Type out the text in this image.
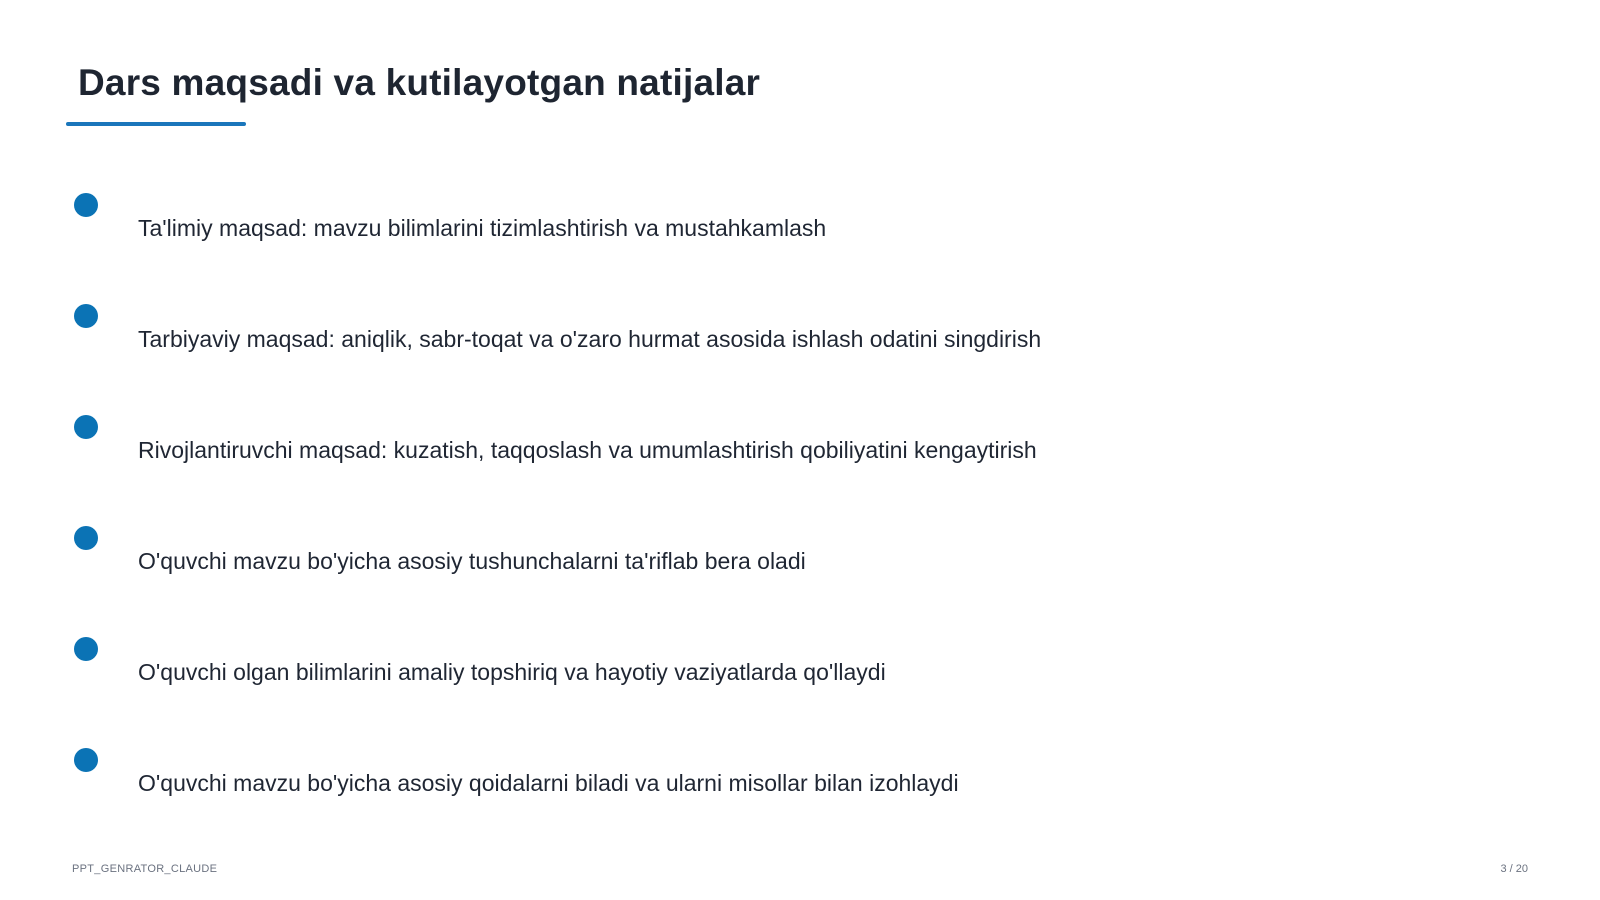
Dars maqsadi va kutilayotgan natijalar
Ta'limiy maqsad: mavzu bilimlarini tizimlashtirish va mustahkamlash
Tarbiyaviy maqsad: aniqlik, sabr-toqat va o'zaro hurmat asosida ishlash odatini singdirish
Rivojlantiruvchi maqsad: kuzatish, taqqoslash va umumlashtirish qobiliyatini kengaytirish
O'quvchi mavzu bo'yicha asosiy tushunchalarni ta'riflab bera oladi
O'quvchi olgan bilimlarini amaliy topshiriq va hayotiy vaziyatlarda qo'llaydi
O'quvchi mavzu bo'yicha asosiy qoidalarni biladi va ularni misollar bilan izohlaydi
PPT_GENRATOR_CLAUDE	3 / 20
